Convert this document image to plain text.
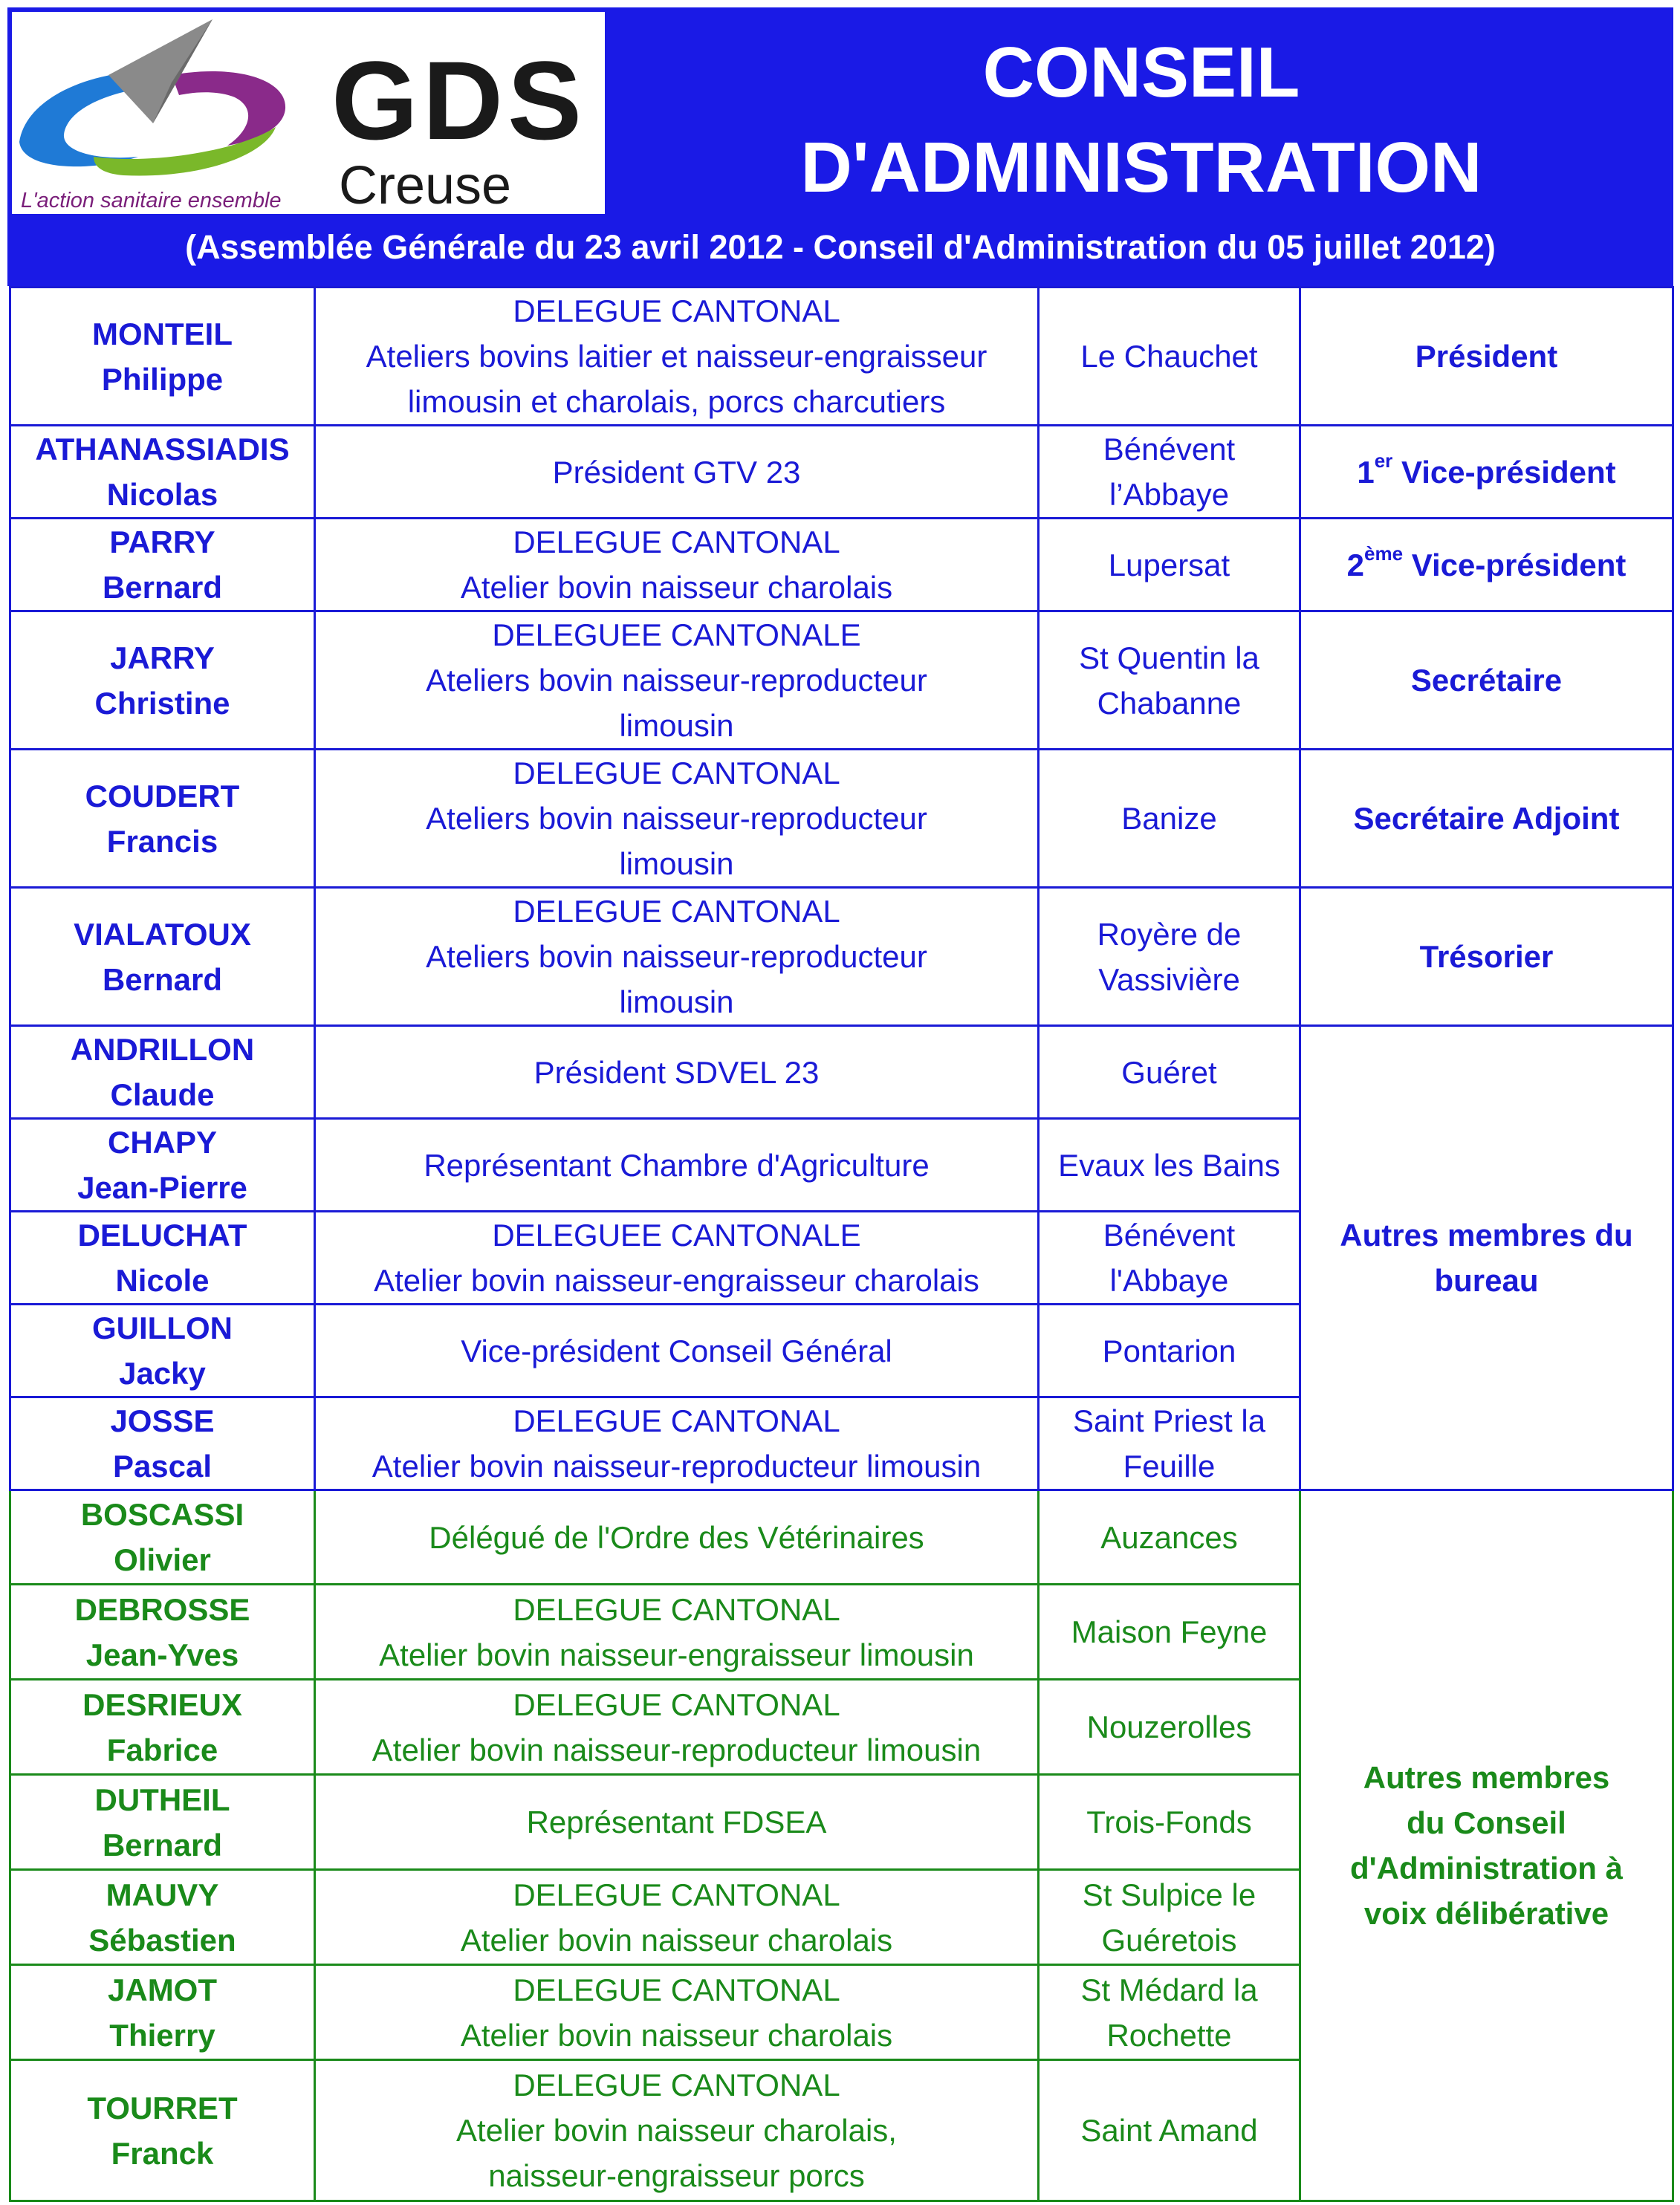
GDS
Creuse
L'action sanitaire ensemble
CONSEIL
D'ADMINISTRATION
(Assemblée Générale du 23 avril 2012 - Conseil d'Administration du 05 juillet 2012)
MONTEIL
Philippe	DELEGUE CANTONAL
Ateliers bovins laitier et naisseur-engraisseur
limousin et charolais, porcs charcutiers	Le Chauchet	Président

ATHANASSIADIS
Nicolas	Président GTV 23	Bénévent
l’Abbaye	1er Vice-président

PARRY
Bernard	DELEGUE CANTONAL
Atelier bovin naisseur charolais	Lupersat	2ème Vice-président

JARRY
Christine	DELEGUEE CANTONALE
Ateliers bovin naisseur-reproducteur
limousin	St Quentin la
Chabanne	Secrétaire

COUDERT
Francis	DELEGUE CANTONAL
Ateliers bovin naisseur-reproducteur
limousin	Banize	Secrétaire Adjoint

VIALATOUX
Bernard	DELEGUE CANTONAL
Ateliers bovin naisseur-reproducteur
limousin	Royère de
Vassivière	Trésorier

ANDRILLON
Claude	Président SDVEL 23	Guéret	Autres membres du
bureau

CHAPY
Jean-Pierre	Représentant Chambre d'Agriculture	Evaux les Bains	

DELUCHAT
Nicole	DELEGUEE CANTONALE
Atelier bovin naisseur-engraisseur charolais	Bénévent
l'Abbaye	

GUILLON
Jacky	Vice-président Conseil Général	Pontarion	

JOSSE
Pascal	DELEGUE CANTONAL
Atelier bovin naisseur-reproducteur limousin	Saint Priest la
Feuille	

BOSCASSI
Olivier	Délégué de l'Ordre des Vétérinaires	Auzances	Autres membres
du Conseil
d'Administration à
voix délibérative

DEBROSSE
Jean-Yves	DELEGUE CANTONAL
Atelier bovin naisseur-engraisseur limousin	Maison Feyne	

DESRIEUX
Fabrice	DELEGUE CANTONAL
Atelier bovin naisseur-reproducteur limousin	Nouzerolles	

DUTHEIL
Bernard	Représentant FDSEA	Trois-Fonds	

MAUVY
Sébastien	DELEGUE CANTONAL
Atelier bovin naisseur charolais	St Sulpice le
Guéretois	

JAMOT
Thierry	DELEGUE CANTONAL
Atelier bovin naisseur charolais	St Médard la
Rochette	

TOURRET
Franck	DELEGUE CANTONAL
Atelier bovin naisseur charolais,
naisseur-engraisseur porcs	Saint Amand	
